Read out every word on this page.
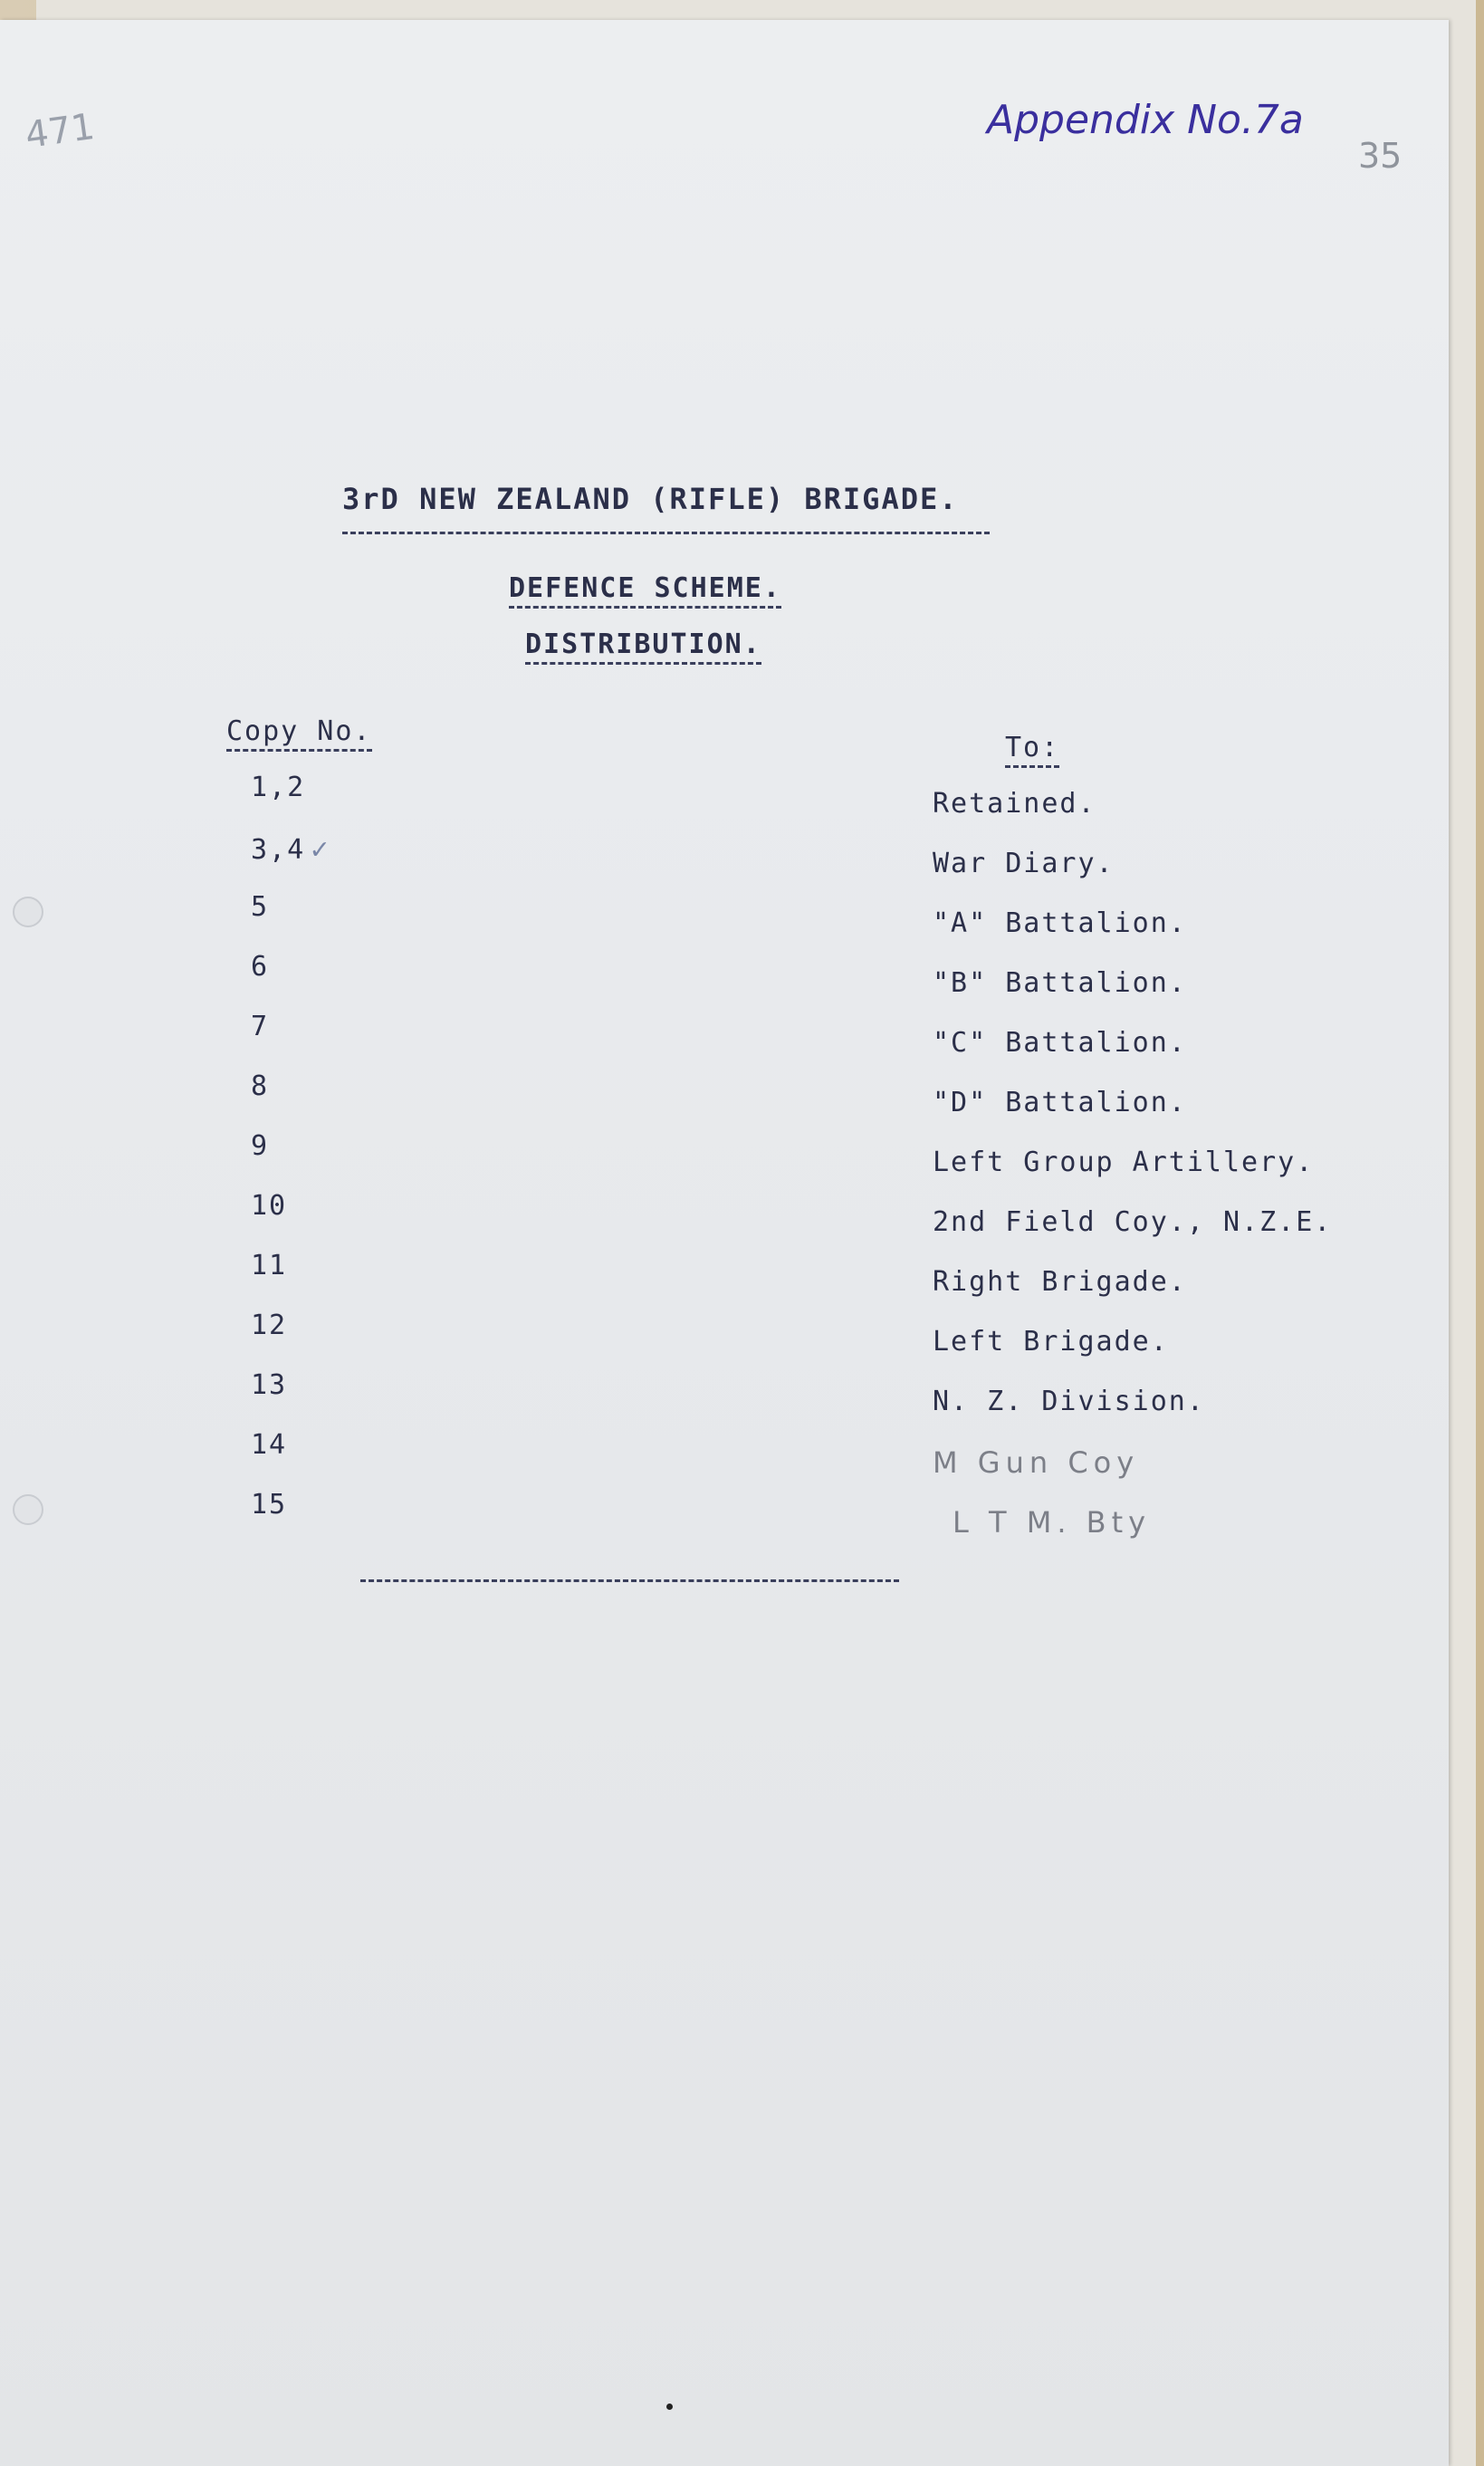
471	Appendix No.7a
35
3rD NEW ZEALAND (RIFLE) BRIGADE.
DEFENCE SCHEME.
DISTRIBUTION.
Copy No.
To:
1,2
3,4 ✓
5
6
7
8
9
10
11
12
13
14
15
Retained.
War Diary.
"A" Battalion.
"B" Battalion.
"C" Battalion.
"D" Battalion.
Left Group Artillery.
2nd Field Coy., N.Z.E.
Right Brigade.
Left Brigade.
N. Z. Division.
M Gun Coy
L T M. Bty
